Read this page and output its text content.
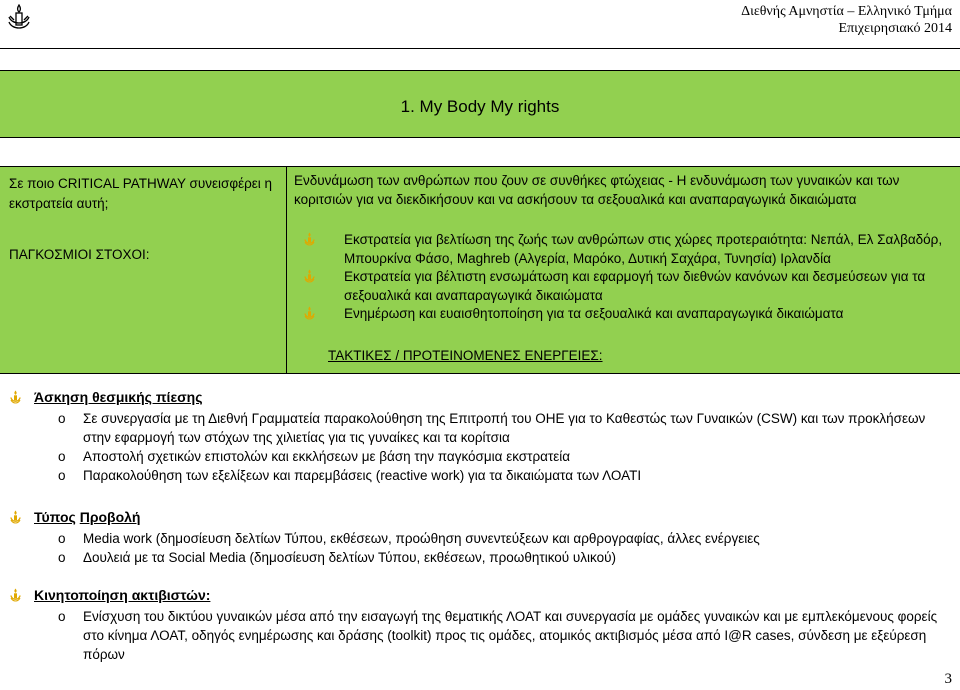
Διεθνής Αμνηστία – Ελληνικό Τμήμα
Επιχειρησιακό 2014
1. My Body My rights
Σε ποιο CRITICAL PATHWAY συνεισφέρει η εκστρατεία αυτή;
ΠΑΓΚΟΣΜΙΟΙ ΣΤΟΧΟΙ:
Ενδυνάμωση των ανθρώπων που ζουν σε συνθήκες φτώχειας - Η ενδυνάμωση των γυναικών και των κοριτσιών για να διεκδικήσουν και να ασκήσουν τα σεξουαλικά και αναπαραγωγικά δικαιώματα
Εκστρατεία για βελτίωση της ζωής των ανθρώπων στις χώρες προτεραιότητα: Νεπάλ, Ελ Σαλβαδόρ, Μπουρκίνα Φάσο, Maghreb (Αλγερία, Μαρόκο, Δυτική Σαχάρα, Τυνησία) Ιρλανδία
Εκστρατεία για βέλτιστη ενσωμάτωση και εφαρμογή των διεθνών κανόνων και δεσμεύσεων για τα σεξουαλικά και αναπαραγωγικά δικαιώματα
Ενημέρωση και ευαισθητοποίηση για τα σεξουαλικά και αναπαραγωγικά δικαιώματα
ΤΑΚΤΙΚΕΣ / ΠΡΟΤΕΙΝΟΜΕΝΕΣ ΕΝΕΡΓΕΙΕΣ:
Άσκηση θεσμικής πίεσης
o Σε συνεργασία με τη Διεθνή Γραμματεία παρακολούθηση της Επιτροπή του ΟΗΕ για το Καθεστώς των Γυναικών (CSW) και των προκλήσεων στην εφαρμογή των στόχων της χιλιετίας για τις γυναίκες και τα κορίτσια
o Αποστολή σχετικών επιστολών και εκκλήσεων με βάση την παγκόσμια εκστρατεία
o Παρακολούθηση των εξελίξεων και παρεμβάσεις (reactive work) για τα δικαιώματα των ΛΟΑΤΙ
Τύπος Προβολή
o Media work (δημοσίευση δελτίων Τύπου, εκθέσεων, προώθηση συνεντεύξεων και αρθρογραφίας, άλλες ενέργειες
o Δουλειά με τα Social Media (δημοσίευση δελτίων Τύπου, εκθέσεων, προωθητικού υλικού)
Κινητοποίηση ακτιβιστών:
o Ενίσχυση του δικτύου γυναικών μέσα από την εισαγωγή της θεματικής ΛΟΑΤ και συνεργασία με ομάδες γυναικών και με εμπλεκόμενους φορείς στο κίνημα ΛΟΑΤ, οδηγός ενημέρωσης και δράσης (toolkit) προς τις ομάδες, ατομικός ακτιβισμός μέσα από I@R cases, σύνδεση με εξεύρεση πόρων
3
